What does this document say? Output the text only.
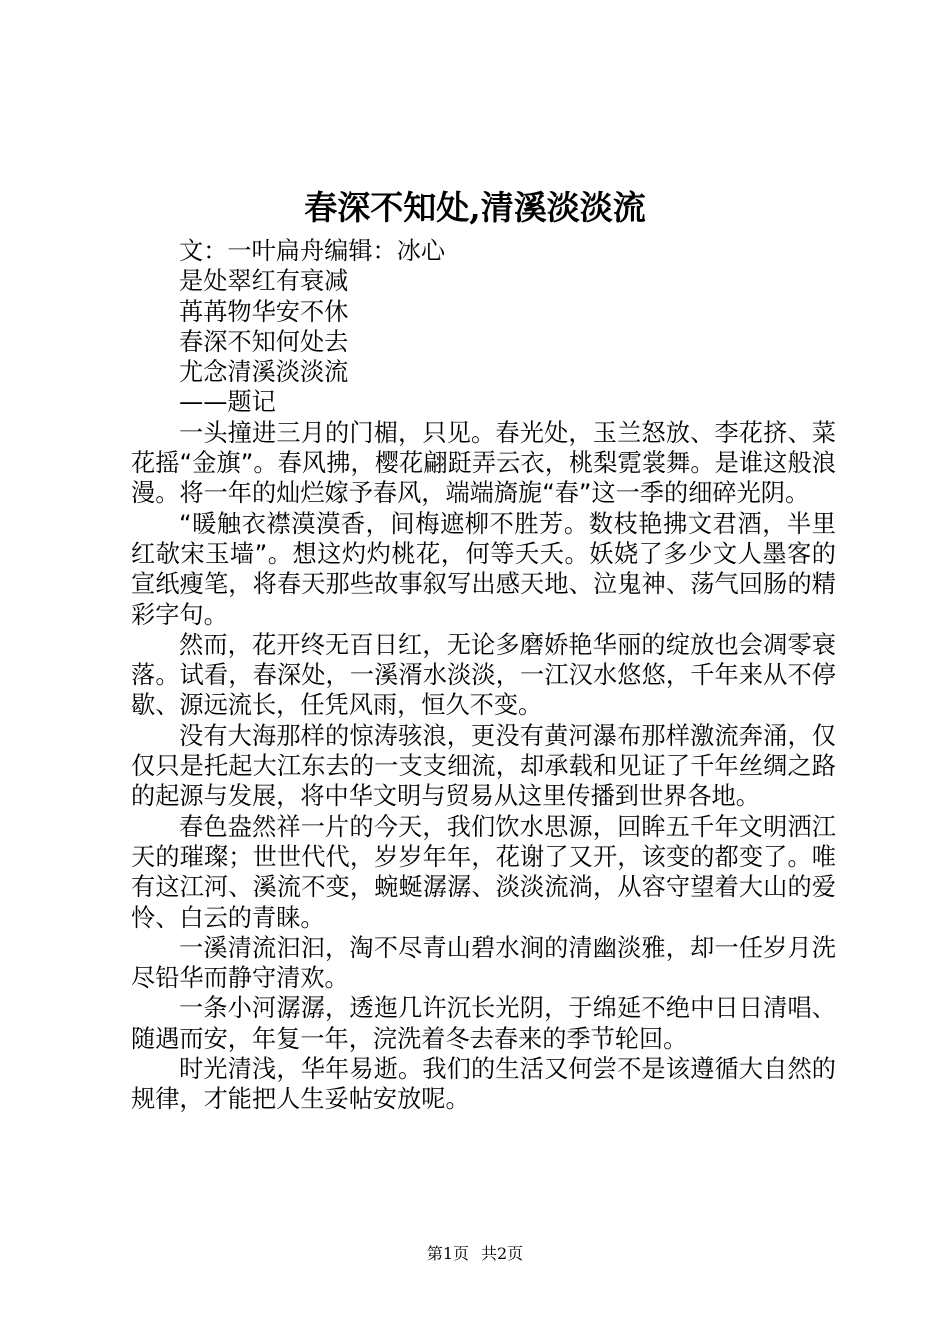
春深不知处,清溪淡淡流

文：一叶扁舟编辑：冰心

是处翠红有衰减

苒苒物华安不休

春深不知何处去

尤念清溪淡淡流

——题记

一头撞进三月的门楣，只见。春光处，玉兰怒放、李花挤、菜花摇“金旗”。春风拂，樱花翩跹弄云衣，桃梨霓裳舞。是谁这般浪漫。将一年的灿烂嫁予春风，端端旖旎“春”这一季的细碎光阴。

“暖触衣襟漠漠香，间梅遮柳不胜芳。数枝艳拂文君酒，半里红欹宋玉墙”。想这灼灼桃花，何等夭夭。妖娆了多少文人墨客的宣纸瘦笔，将春天那些故事叙写出感天地、泣鬼神、荡气回肠的精彩字句。

然而，花开终无百日红，无论多磨娇艳华丽的绽放也会凋零衰落。试看，春深处，一溪湑水淡淡，一江汉水悠悠，千年来从不停歇、源远流长，任凭风雨，恒久不变。

没有大海那样的惊涛骇浪，更没有黄河瀑布那样激流奔涌，仅仅只是托起大江东去的一支支细流，却承载和见证了千年丝绸之路的起源与发展，将中华文明与贸易从这里传播到世界各地。

春色盎然祥一片的今天，我们饮水思源，回眸五千年文明洒江天的璀璨；世世代代，岁岁年年，花谢了又开，该变的都变了。唯有这江河、溪流不变，蜿蜒潺潺、淡淡流淌，从容守望着大山的爱怜、白云的青睐。

一溪清流汩汩，淘不尽青山碧水涧的清幽淡雅，却一任岁月洗尽铅华而静守清欢。

一条小河潺潺，透迤几许沉长光阴，于绵延不绝中日日清唱、随遇而安，年复一年，浣洗着冬去春来的季节轮回。

时光清浅，华年易逝。我们的生活又何尝不是该遵循大自然的规律，才能把人生妥帖安放呢。

第1页 共2页
